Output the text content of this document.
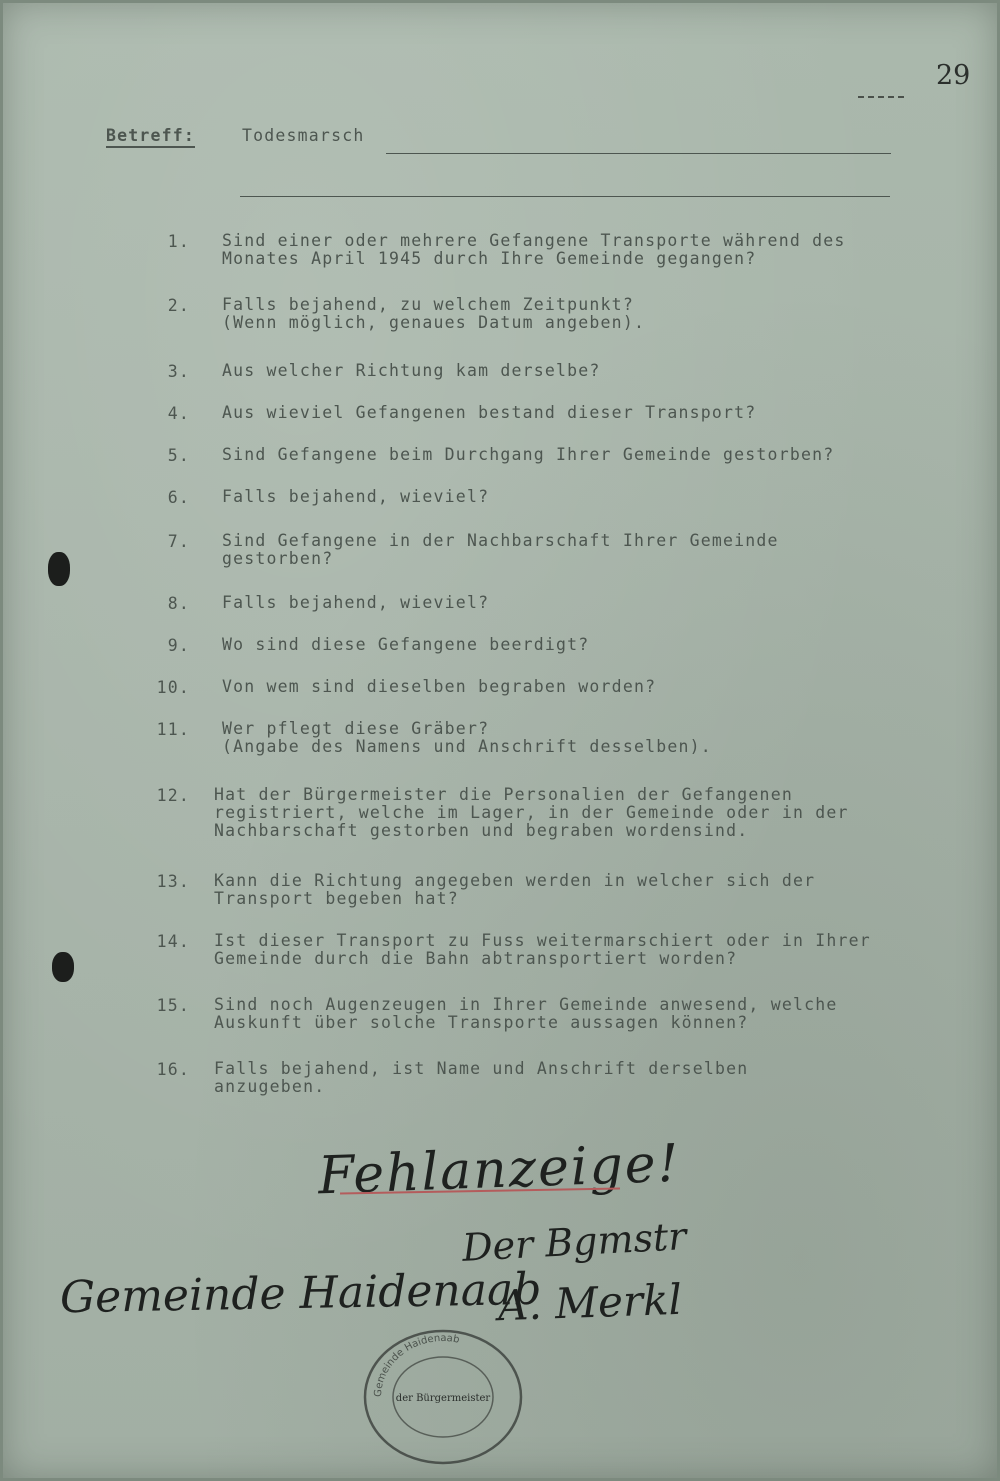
29
Betreff:	Todesmarsch
1. Sind einer oder mehrere Gefangene Transporte während des Monates April 1945 durch Ihre Gemeinde gegangen?
2. Falls bejahend, zu welchem Zeitpunkt?
(Wenn möglich, genaues Datum angeben).
3. Aus welcher Richtung kam derselbe?
4. Aus wieviel Gefangenen bestand dieser Transport?
5. Sind Gefangene beim Durchgang Ihrer Gemeinde gestorben?
6. Falls bejahend, wieviel?
7. Sind Gefangene in der Nachbarschaft Ihrer Gemeinde gestorben?
8. Falls bejahend, wieviel?
9. Wo sind diese Gefangene beerdigt?
10. Von wem sind dieselben begraben worden?
11. Wer pflegt diese Gräber?
(Angabe des Namens und Anschrift desselben).
12. Hat der Bürgermeister die Personalien der Gefangenen registriert, welche im Lager, in der Gemeinde oder in der Nachbarschaft gestorben und begraben wordensind.
13. Kann die Richtung angegeben werden in welcher sich der Transport begeben hat?
14. Ist dieser Transport zu Fuss weitermarschiert oder in Ihrer Gemeinde durch die Bahn abtransportiert worden?
15. Sind noch Augenzeugen in Ihrer Gemeinde anwesend, welche Auskunft über solche Transporte aussagen können?
16. Falls bejahend, ist Name und Anschrift derselben anzugeben.
Fehlanzeige!
Der Bgmstr
Gemeinde Haidenaab
A. Merkl
Gemeinde Haidenaab
der Bürgermeister
